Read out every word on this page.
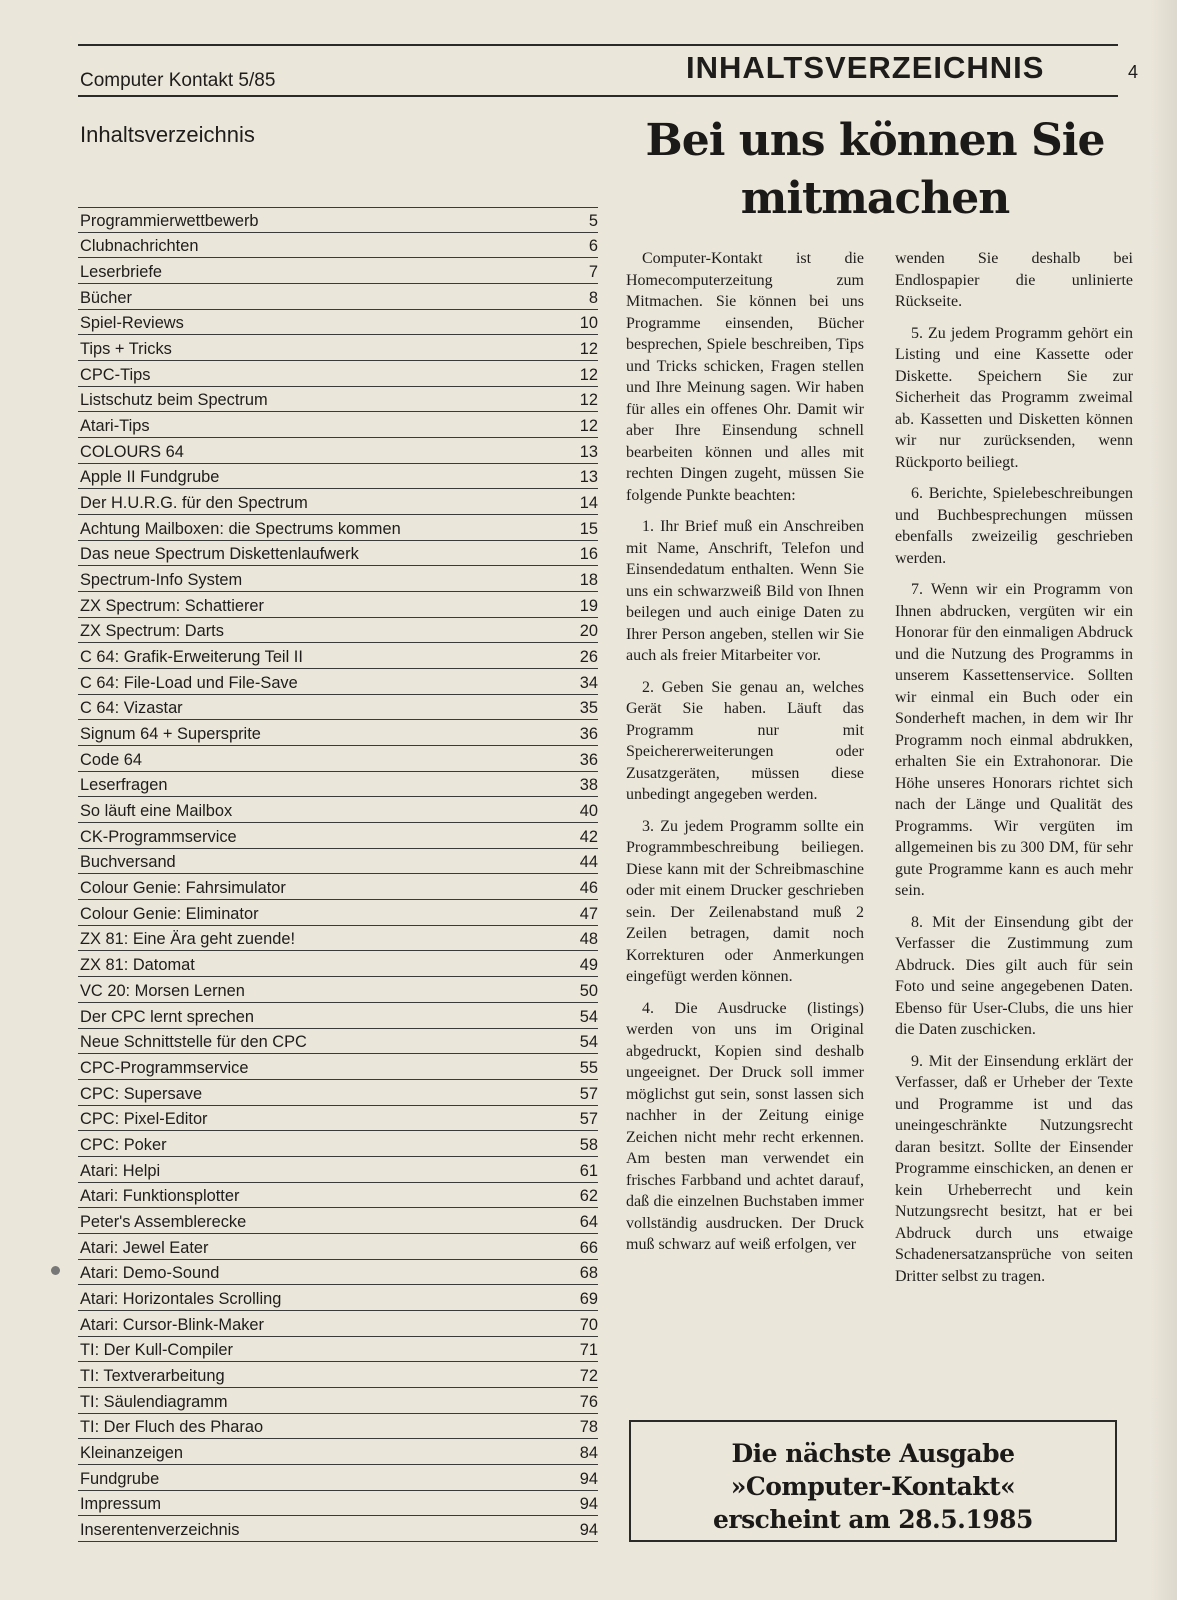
Computer Kontakt 5/85	INHALTSVERZEICHNIS	4
Inhaltsverzeichnis
Programmierwettbewerb	5
Clubnachrichten	6
Leserbriefe	7
Bücher	8
Spiel-Reviews	10
Tips + Tricks	12
CPC-Tips	12
Listschutz beim Spectrum	12
Atari-Tips	12
COLOURS 64	13
Apple II Fundgrube	13
Der H.U.R.G. für den Spectrum	14
Achtung Mailboxen: die Spectrums kommen	15
Das neue Spectrum Diskettenlaufwerk	16
Spectrum-Info System	18
ZX Spectrum: Schattierer	19
ZX Spectrum: Darts	20
C 64: Grafik-Erweiterung Teil II	26
C 64: File-Load und File-Save	34
C 64: Vizastar	35
Signum 64 + Supersprite	36
Code 64	36
Leserfragen	38
So läuft eine Mailbox	40
CK-Programmservice	42
Buchversand	44
Colour Genie: Fahrsimulator	46
Colour Genie: Eliminator	47
ZX 81: Eine Ära geht zuende!	48
ZX 81: Datomat	49
VC 20: Morsen Lernen	50
Der CPC lernt sprechen	54
Neue Schnittstelle für den CPC	54
CPC-Programmservice	55
CPC: Supersave	57
CPC: Pixel-Editor	57
CPC: Poker	58
Atari: Helpi	61
Atari: Funktionsplotter	62
Peter's Assemblerecke	64
Atari: Jewel Eater	66
Atari: Demo-Sound	68
Atari: Horizontales Scrolling	69
Atari: Cursor-Blink-Maker	70
TI: Der Kull-Compiler	71
TI: Textverarbeitung	72
TI: Säulendiagramm	76
TI: Der Fluch des Pharao	78
Kleinanzeigen	84
Fundgrube	94
Impressum	94
Inserentenverzeichnis	94
Bei uns können Sie
mitmachen

Computer-Kontakt ist die Homecomputerzeitung zum Mitmachen. Sie können bei uns Programme einsenden, Bücher besprechen, Spiele beschreiben, Tips und Tricks schicken, Fragen stellen und Ihre Meinung sagen. Wir haben für alles ein offenes Ohr. Damit wir aber Ihre Einsendung schnell bearbeiten können und alles mit rechten Dingen zugeht, müssen Sie folgende Punkte beachten:

1. Ihr Brief muß ein Anschreiben mit Name, Anschrift, Telefon und Einsendedatum enthalten. Wenn Sie uns ein schwarzweiß Bild von Ihnen beilegen und auch einige Daten zu Ihrer Person angeben, stellen wir Sie auch als freier Mitarbeiter vor.

2. Geben Sie genau an, welches Gerät Sie haben. Läuft das Programm nur mit Speichererweiterungen oder Zusatzgeräten, müssen diese unbedingt angegeben werden.

3. Zu jedem Programm sollte ein Programmbeschreibung beiliegen. Diese kann mit der Schreibmaschine oder mit einem Drucker geschrieben sein. Der Zeilenabstand muß 2 Zeilen betragen, damit noch Korrekturen oder Anmerkungen eingefügt werden können.

4. Die Ausdrucke (listings) werden von uns im Original abgedruckt, Kopien sind deshalb ungeeignet. Der Druck soll immer möglichst gut sein, sonst lassen sich nachher in der Zeitung einige Zeichen nicht mehr recht erkennen. Am besten man verwendet ein frisches Farbband und achtet darauf, daß die einzelnen Buchstaben immer vollständig ausdrucken. Der Druck muß schwarz auf weiß erfolgen, ver

wenden Sie deshalb bei Endlospapier die unlinierte Rückseite.

5. Zu jedem Programm gehört ein Listing und eine Kassette oder Diskette. Speichern Sie zur Sicherheit das Programm zweimal ab. Kassetten und Disketten können wir nur zurücksenden, wenn Rückporto beiliegt.

6. Berichte, Spielebeschreibungen und Buchbesprechungen müssen ebenfalls zweizeilig geschrieben werden.

7. Wenn wir ein Programm von Ihnen abdrucken, vergüten wir ein Honorar für den einmaligen Abdruck und die Nutzung des Programms in unserem Kassettenservice. Sollten wir einmal ein Buch oder ein Sonderheft machen, in dem wir Ihr Programm noch einmal abdrukken, erhalten Sie ein Extrahonorar. Die Höhe unseres Honorars richtet sich nach der Länge und Qualität des Programms. Wir vergüten im allgemeinen bis zu 300 DM, für sehr gute Programme kann es auch mehr sein.

8. Mit der Einsendung gibt der Verfasser die Zustimmung zum Abdruck. Dies gilt auch für sein Foto und seine angegebenen Daten. Ebenso für User-Clubs, die uns hier die Daten zuschicken.

9. Mit der Einsendung erklärt der Verfasser, daß er Urheber der Texte und Programme ist und das uneingeschränkte Nutzungsrecht daran besitzt. Sollte der Einsender Programme einschicken, an denen er kein Urheberrecht und kein Nutzungsrecht besitzt, hat er bei Abdruck durch uns etwaige Schadenersatzansprüche von seiten Dritter selbst zu tragen.

Die nächste Ausgabe
»Computer-Kontakt«
erscheint am 28.5.1985
